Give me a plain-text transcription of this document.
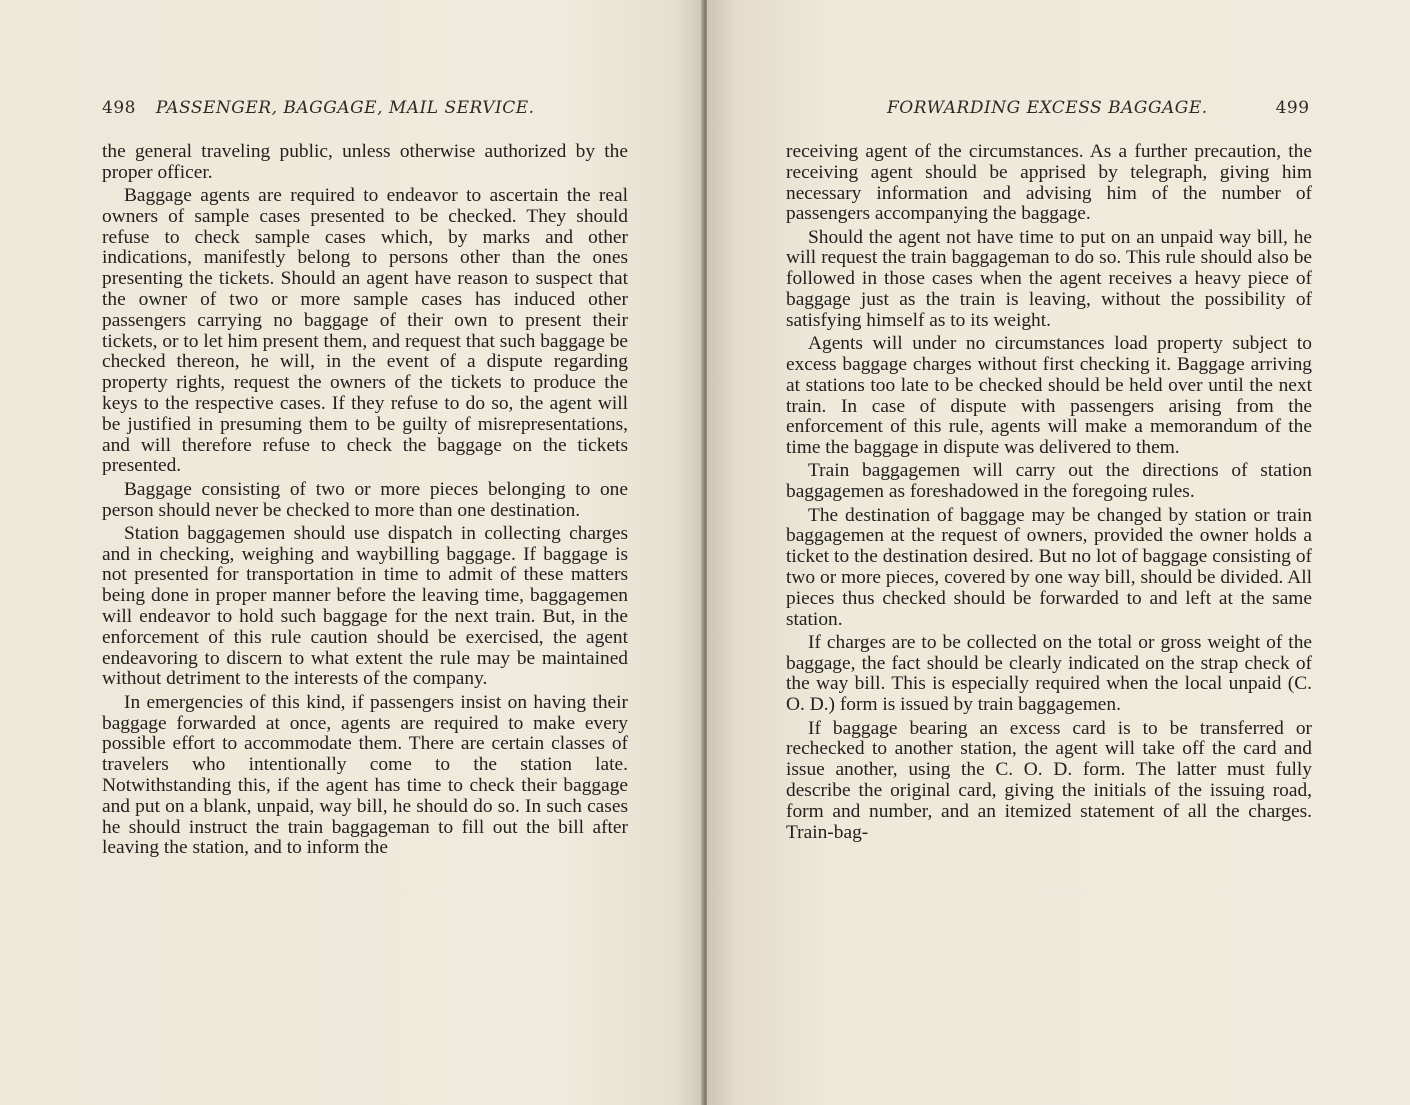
498 PASSENGER, BAGGAGE, MAIL SERVICE.

the general traveling public, unless otherwise authorized by the proper officer.

Baggage agents are required to endeavor to ascertain the real owners of sample cases presented to be checked. They should refuse to check sample cases which, by marks and other indications, manifestly belong to persons other than the ones presenting the tickets. Should an agent have reason to suspect that the owner of two or more sample cases has induced other passengers carrying no baggage of their own to present their tickets, or to let him present them, and request that such baggage be checked thereon, he will, in the event of a dispute regarding property rights, request the owners of the tickets to produce the keys to the respective cases. If they refuse to do so, the agent will be justified in presuming them to be guilty of misrepresentations, and will therefore refuse to check the baggage on the tickets presented.

Baggage consisting of two or more pieces belonging to one person should never be checked to more than one destination.

Station baggagemen should use dispatch in collecting charges and in checking, weighing and waybilling baggage. If baggage is not presented for transportation in time to admit of these matters being done in proper manner before the leaving time, baggagemen will endeavor to hold such baggage for the next train. But, in the enforcement of this rule caution should be exercised, the agent endeavoring to discern to what extent the rule may be maintained without detriment to the interests of the company.

In emergencies of this kind, if passengers insist on having their baggage forwarded at once, agents are required to make every possible effort to accommodate them. There are certain classes of travelers who intentionally come to the station late. Notwithstanding this, if the agent has time to check their baggage and put on a blank, unpaid, way bill, he should do so. In such cases he should instruct the train baggageman to fill out the bill after leaving the station, and to inform the

FORWARDING EXCESS BAGGAGE.	499

receiving agent of the circumstances. As a further precaution, the receiving agent should be apprised by telegraph, giving him necessary information and advising him of the number of passengers accompanying the baggage.

Should the agent not have time to put on an unpaid way bill, he will request the train baggageman to do so. This rule should also be followed in those cases when the agent receives a heavy piece of baggage just as the train is leaving, without the possibility of satisfying himself as to its weight.

Agents will under no circumstances load property subject to excess baggage charges without first checking it. Baggage arriving at stations too late to be checked should be held over until the next train. In case of dispute with passengers arising from the enforcement of this rule, agents will make a memorandum of the time the baggage in dispute was delivered to them.

Train baggagemen will carry out the directions of station baggagemen as foreshadowed in the foregoing rules.

The destination of baggage may be changed by station or train baggagemen at the request of owners, provided the owner holds a ticket to the destination desired. But no lot of baggage consisting of two or more pieces, covered by one way bill, should be divided. All pieces thus checked should be forwarded to and left at the same station.

If charges are to be collected on the total or gross weight of the baggage, the fact should be clearly indicated on the strap check of the way bill. This is especially required when the local unpaid (C. O. D.) form is issued by train baggagemen.

If baggage bearing an excess card is to be transferred or rechecked to another station, the agent will take off the card and issue another, using the C. O. D. form. The latter must fully describe the original card, giving the initials of the issuing road, form and number, and an itemized statement of all the charges. Train-bag-
